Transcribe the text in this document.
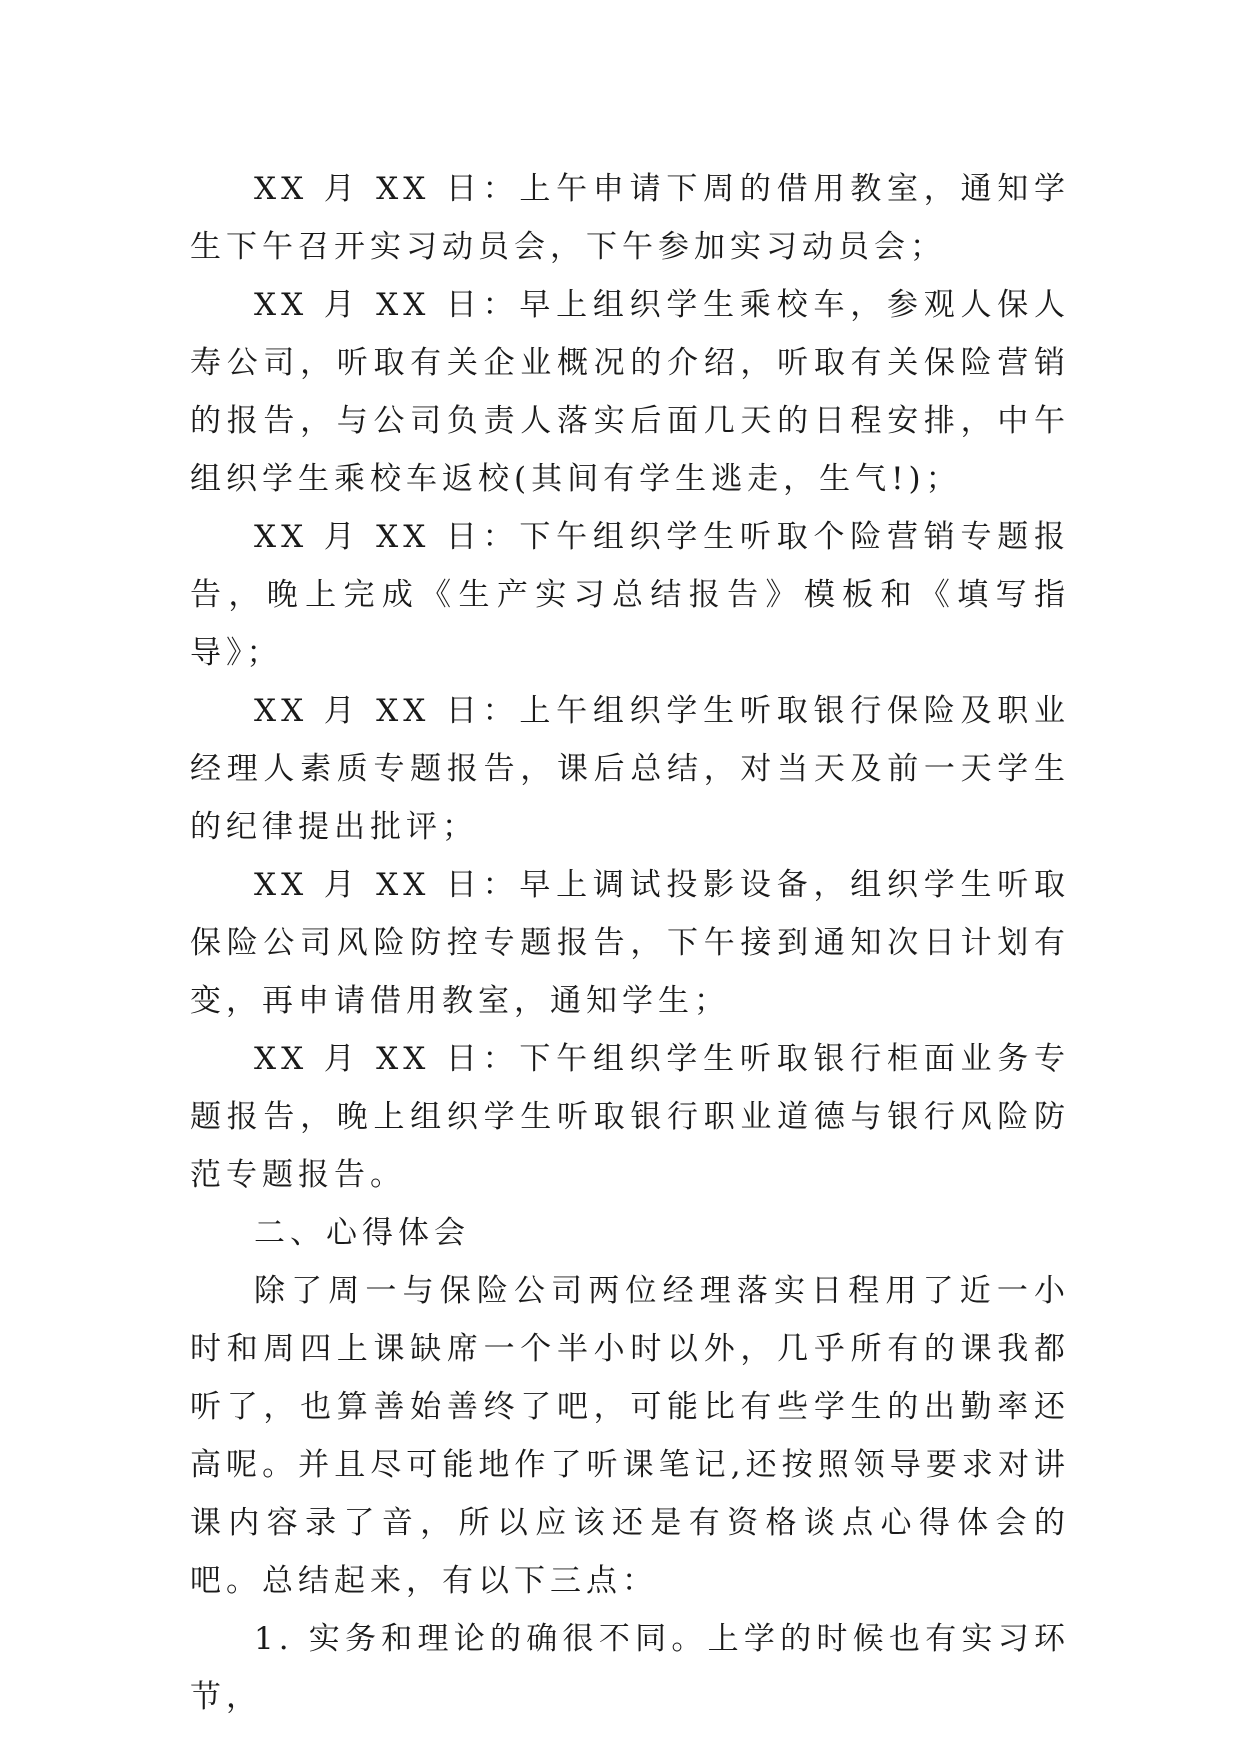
XX 月 XX 日：上午申请下周的借用教室，通知学生下午召开实习动员会，下午参加实习动员会；

XX 月 XX 日：早上组织学生乘校车，参观人保人寿公司，听取有关企业概况的介绍，听取有关保险营销的报告，与公司负责人落实后面几天的日程安排，中午组织学生乘校车返校(其间有学生逃走，生气!)；

XX 月 XX 日：下午组织学生听取个险营销专题报告，晚上完成《生产实习总结报告》模板和《填写指导》；

XX 月 XX 日：上午组织学生听取银行保险及职业经理人素质专题报告，课后总结，对当天及前一天学生的纪律提出批评；

XX 月 XX 日：早上调试投影设备，组织学生听取保险公司风险防控专题报告，下午接到通知次日计划有变，再申请借用教室，通知学生；

XX 月 XX 日：下午组织学生听取银行柜面业务专题报告，晚上组织学生听取银行职业道德与银行风险防范专题报告。

二、心得体会

除了周一与保险公司两位经理落实日程用了近一小时和周四上课缺席一个半小时以外，几乎所有的课我都听了，也算善始善终了吧，可能比有些学生的出勤率还高呢。并且尽可能地作了听课笔记,还按照领导要求对讲课内容录了音，所以应该还是有资格谈点心得体会的吧。总结起来，有以下三点：

1. 实务和理论的确很不同。上学的时候也有实习环节，
